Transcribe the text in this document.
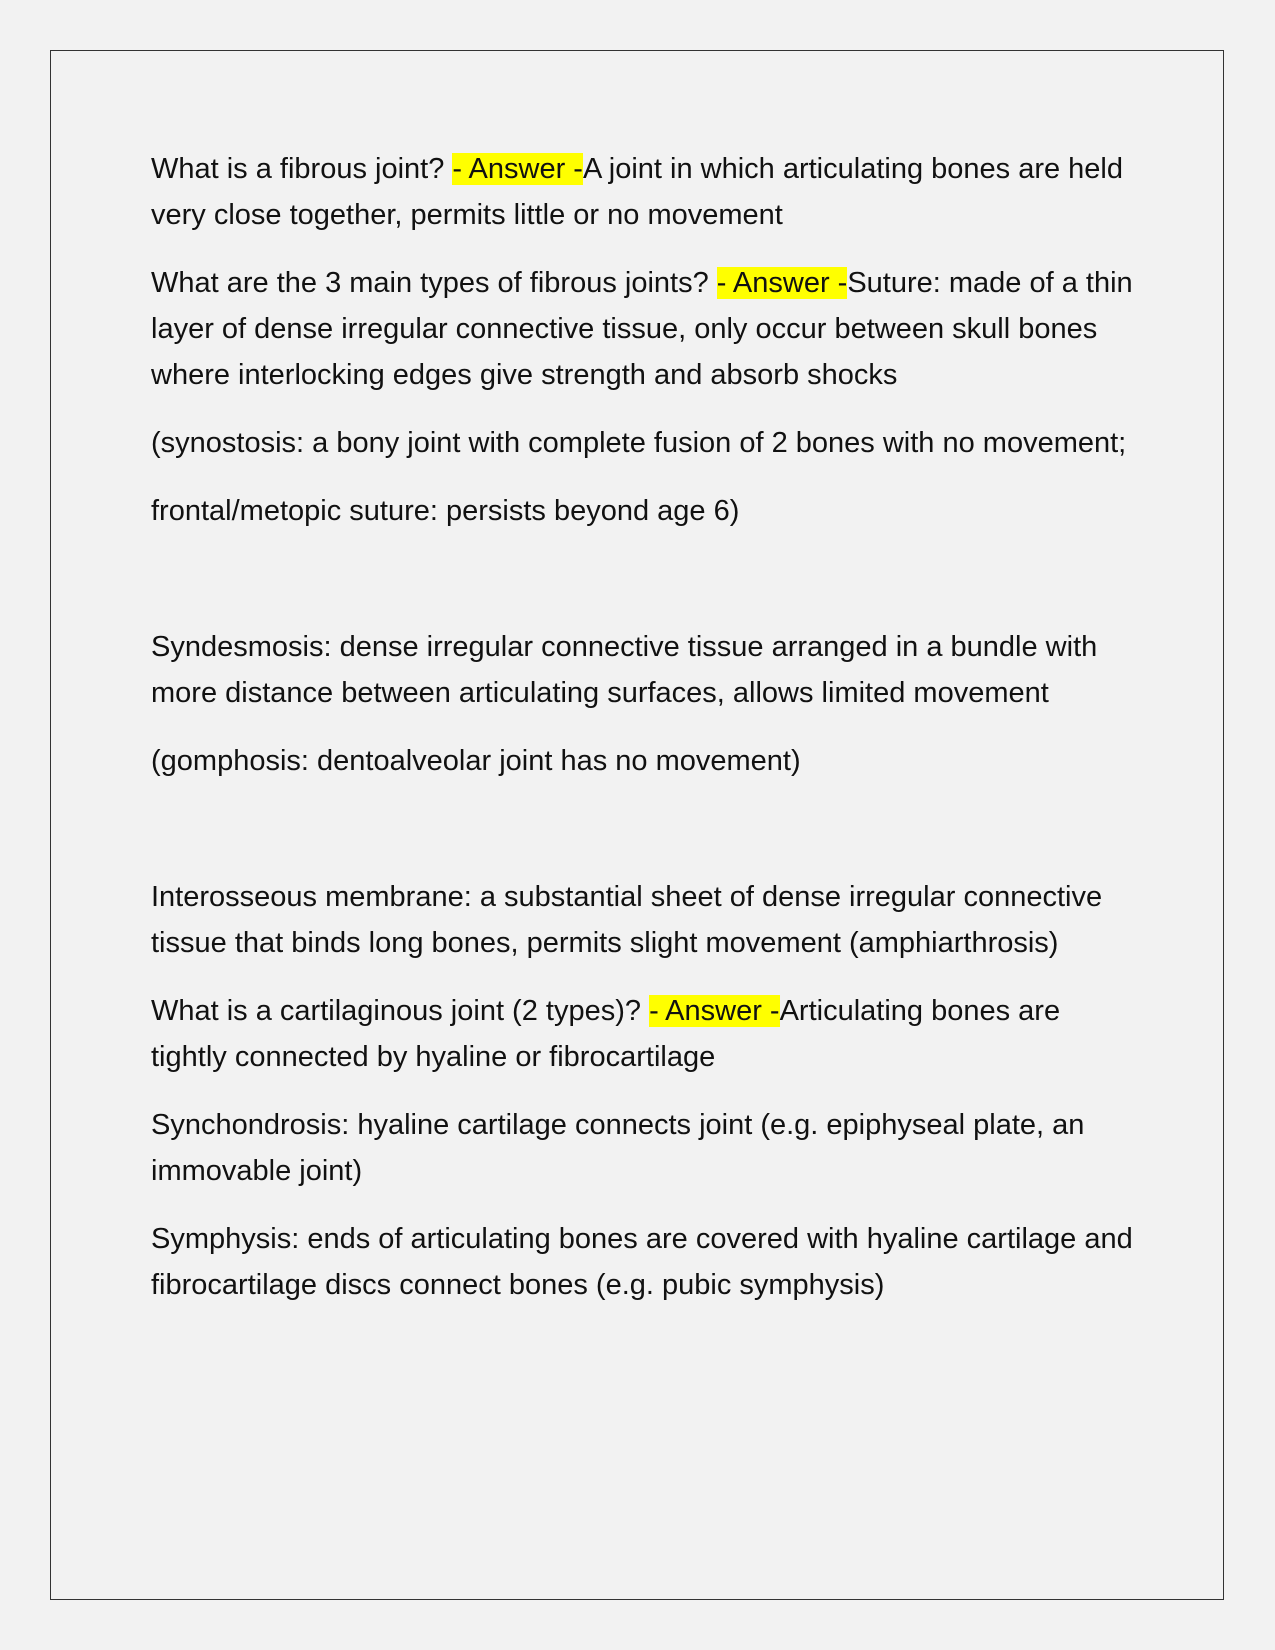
What is a fibrous joint? - Answer -A joint in which articulating bones are held very close together, permits little or no movement

What are the 3 main types of fibrous joints? - Answer -Suture: made of a thin layer of dense irregular connective tissue, only occur between skull bones where interlocking edges give strength and absorb shocks

(synostosis: a bony joint with complete fusion of 2 bones with no movement;

frontal/metopic suture: persists beyond age 6)

Syndesmosis: dense irregular connective tissue arranged in a bundle with more distance between articulating surfaces, allows limited movement

(gomphosis: dentoalveolar joint has no movement)

Interosseous membrane: a substantial sheet of dense irregular connective tissue that binds long bones, permits slight movement (amphiarthrosis)

What is a cartilaginous joint (2 types)? - Answer -Articulating bones are tightly connected by hyaline or fibrocartilage

Synchondrosis: hyaline cartilage connects joint (e.g. epiphyseal plate, an immovable joint)

Symphysis: ends of articulating bones are covered with hyaline cartilage and fibrocartilage discs connect bones (e.g. pubic symphysis)
